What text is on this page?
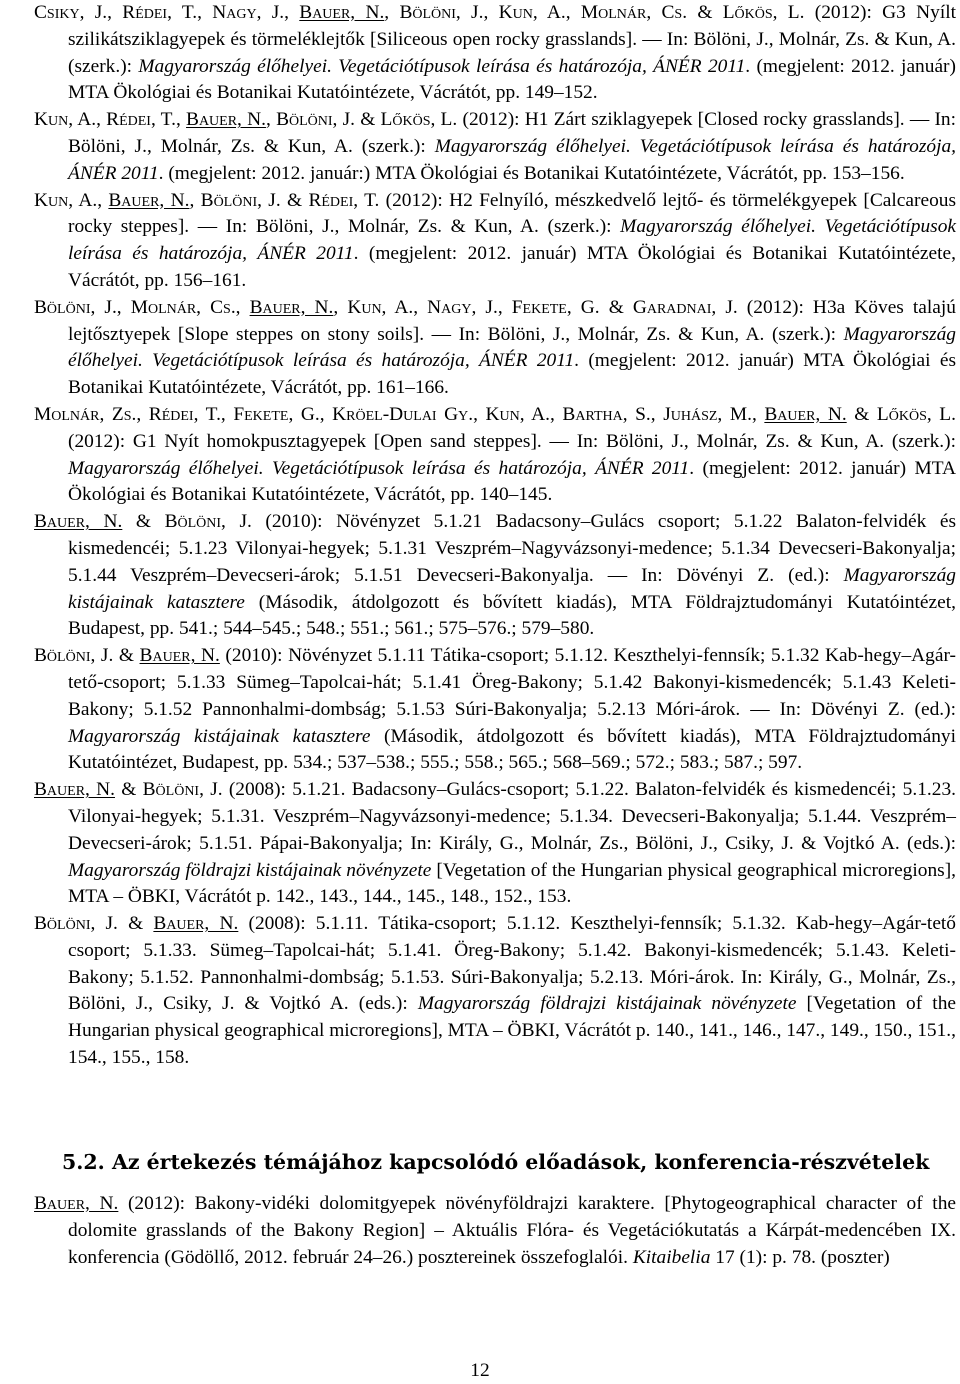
Csiky, J., Rédei, T., Nagy, J., Bauer, N., Bölöni, J., Kun, A., Molnár, Cs. & Lőkös, L. (2012): G3 Nyílt szilikátsziklagyepek és törmeléklejtők [Siliceous open rocky grasslands]. ― In: Bölöni, J., Molnár, Zs. & Kun, A. (szerk.): Magyarország élőhelyei. Vegetációtípusok leírása és határozója, ÁNÉR 2011. (megjelent: 2012. január) MTA Ökológiai és Botanikai Kutatóintézete, Vácrátót, pp. 149–152.

Kun, A., Rédei, T., Bauer, N., Bölöni, J. & Lőkös, L. (2012): H1 Zárt sziklagyepek [Closed rocky grasslands]. ― In: Bölöni, J., Molnár, Zs. & Kun, A. (szerk.): Magyarország élőhelyei. Vegetációtípusok leírása és határozója, ÁNÉR 2011. (megjelent: 2012. január:) MTA Ökológiai és Botanikai Kutatóintézete, Vácrátót, pp. 153–156.

Kun, A., Bauer, N., Bölöni, J. & Rédei, T. (2012): H2 Felnyíló, mészkedvelő lejtő- és törmelékgyepek [Calcareous rocky steppes]. ― In: Bölöni, J., Molnár, Zs. & Kun, A. (szerk.): Magyarország élőhelyei. Vegetációtípusok leírása és határozója, ÁNÉR 2011. (megjelent: 2012. január) MTA Ökológiai és Botanikai Kutatóintézete, Vácrátót, pp. 156–161.

Bölöni, J., Molnár, Cs., Bauer, N., Kun, A., Nagy, J., Fekete, G. & Garadnai, J. (2012): H3a Köves talajú lejtősztyepek [Slope steppes on stony soils]. ― In: Bölöni, J., Molnár, Zs. & Kun, A. (szerk.): Magyarország élőhelyei. Vegetációtípusok leírása és határozója, ÁNÉR 2011. (megjelent: 2012. január) MTA Ökológiai és Botanikai Kutatóintézete, Vácrátót, pp. 161–166.

Molnár, Zs., Rédei, T., Fekete, G., Kröel-Dulai Gy., Kun, A., Bartha, S., Juhász, M., Bauer, N. & Lőkös, L. (2012): G1 Nyít homokpusztagyepek [Open sand steppes]. ― In: Bölöni, J., Molnár, Zs. & Kun, A. (szerk.): Magyarország élőhelyei. Vegetációtípusok leírása és határozója, ÁNÉR 2011. (megjelent: 2012. január) MTA Ökológiai és Botanikai Kutatóintézete, Vácrátót, pp. 140–145.

Bauer, N. & Bölöni, J. (2010): Növényzet 5.1.21 Badacsony–Gulács csoport; 5.1.22 Balaton-felvidék és kismedencéi; 5.1.23 Vilonyai-hegyek; 5.1.31 Veszprém–Nagyvázsonyi-medence; 5.1.34 Devecseri-Bakonyalja; 5.1.44 Veszprém–Devecseri-árok; 5.1.51 Devecseri-Bakonyalja. ― In: Dövényi Z. (ed.): Magyarország kistájainak katasztere (Második, átdolgozott és bővített kiadás), MTA Földrajztudományi Kutatóintézet, Budapest, pp. 541.; 544–545.; 548.; 551.; 561.; 575–576.; 579–580.

Bölöni, J. & Bauer, N. (2010): Növényzet 5.1.11 Tátika-csoport; 5.1.12. Keszthelyi-fennsík; 5.1.32 Kab-hegy–Agár-tető-csoport; 5.1.33 Sümeg–Tapolcai-hát; 5.1.41 Öreg-Bakony; 5.1.42 Bakonyi-kismedencék; 5.1.43 Keleti-Bakony; 5.1.52 Pannonhalmi-dombság; 5.1.53 Súri-Bakonyalja; 5.2.13 Móri-árok. ― In: Dövényi Z. (ed.): Magyarország kistájainak katasztere (Második, átdolgozott és bővített kiadás), MTA Földrajztudományi Kutatóintézet, Budapest, pp. 534.; 537–538.; 555.; 558.; 565.; 568–569.; 572.; 583.; 587.; 597.

Bauer, N. & Bölöni, J. (2008): 5.1.21. Badacsony–Gulács-csoport; 5.1.22. Balaton-felvidék és kismedencéi; 5.1.23. Vilonyai-hegyek; 5.1.31. Veszprém–Nagyvázsonyi-medence; 5.1.34. Devecseri-Bakonyalja; 5.1.44. Veszprém–Devecseri-árok; 5.1.51. Pápai-Bakonyalja; In: Király, G., Molnár, Zs., Bölöni, J., Csiky, J. & Vojtkó A. (eds.): Magyarország földrajzi kistájainak növényzete [Vegetation of the Hungarian physical geographical microregions], MTA – ÖBKI, Vácrátót p. 142., 143., 144., 145., 148., 152., 153.

Bölöni, J. & Bauer, N. (2008): 5.1.11. Tátika-csoport; 5.1.12. Keszthelyi-fennsík; 5.1.32. Kab-hegy–Agár-tető csoport; 5.1.33. Sümeg–Tapolcai-hát; 5.1.41. Öreg-Bakony; 5.1.42. Bakonyi-kismedencék; 5.1.43. Keleti-Bakony; 5.1.52. Pannonhalmi-dombság; 5.1.53. Súri-Bakonyalja; 5.2.13. Móri-árok. In: Király, G., Molnár, Zs., Bölöni, J., Csiky, J. & Vojtkó A. (eds.): Magyarország földrajzi kistájainak növényzete [Vegetation of the Hungarian physical geographical microregions], MTA – ÖBKI, Vácrátót p. 140., 141., 146., 147., 149., 150., 151., 154., 155., 158.

5.2. Az értekezés témájához kapcsolódó előadások, konferencia-részvételek

Bauer, N. (2012): Bakony-vidéki dolomitgyepek növényföldrajzi karaktere. [Phytogeographical character of the dolomite grasslands of the Bakony Region] – Aktuális Flóra- és Vegetációkutatás a Kárpát-medencében IX. konferencia (Gödöllő, 2012. február 24–26.) posztereinek összefoglalói. Kitaibelia 17 (1): p. 78. (poszter)

12
